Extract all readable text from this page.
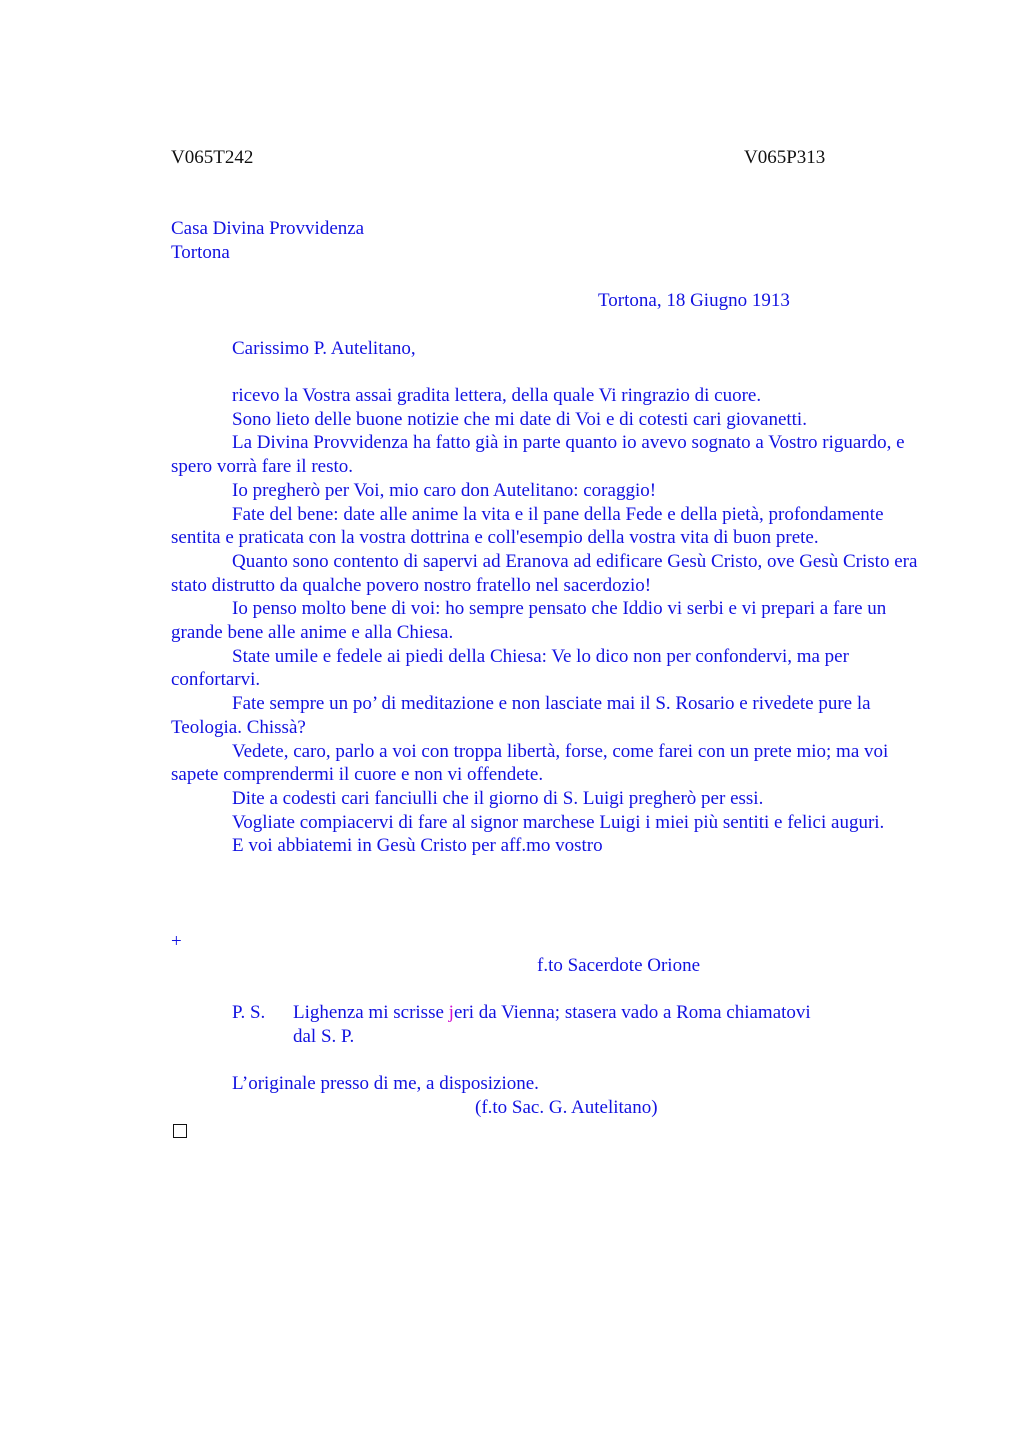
V065T242	V065P313
Casa Divina Provvidenza
Tortona
Tortona, 18 Giugno 1913
Carissimo P. Autelitano,

ricevo la Vostra assai gradita lettera, della quale Vi ringrazio di cuore.

Sono lieto delle buone notizie che mi date di Voi e di cotesti cari giovanetti.

La Divina Provvidenza ha fatto già in parte quanto io avevo sognato a Vostro riguardo, e spero vorrà fare il resto.

Io pregherò per Voi, mio caro don Autelitano: coraggio!

Fate del bene: date alle anime la vita e il pane della Fede e della pietà, profondamente sentita e praticata con la vostra dottrina e coll'esempio della vostra vita di buon prete.

Quanto sono contento di sapervi ad Eranova ad edificare Gesù Cristo, ove Gesù Cristo era stato distrutto da qualche povero nostro fratello nel sacerdozio!

Io penso molto bene di voi: ho sempre pensato che Iddio vi serbi e vi prepari a fare un grande bene alle anime e alla Chiesa.

State umile e fedele ai piedi della Chiesa: Ve lo dico non per confondervi, ma per confortarvi.

Fate sempre un po’ di meditazione e non lasciate mai il S. Rosario e rivedete pure la Teologia. Chissà?

Vedete, caro, parlo a voi con troppa libertà, forse, come farei con un prete mio; ma voi sapete comprendermi il cuore e non vi offendete.

Dite a codesti cari fanciulli che il giorno di S. Luigi pregherò per essi.

Vogliate compiacervi di fare al signor marchese Luigi i miei più sentiti e felici auguri.

E voi abbiatemi in Gesù Cristo per aff.mo vostro

+
f.to Sacerdote Orione
P. S. Lighenza mi scrisse jeri da Vienna; stasera vado a Roma chiamatovi
dal S. P.
L’originale presso di me, a disposizione.
(f.to Sac. G. Autelitano)
